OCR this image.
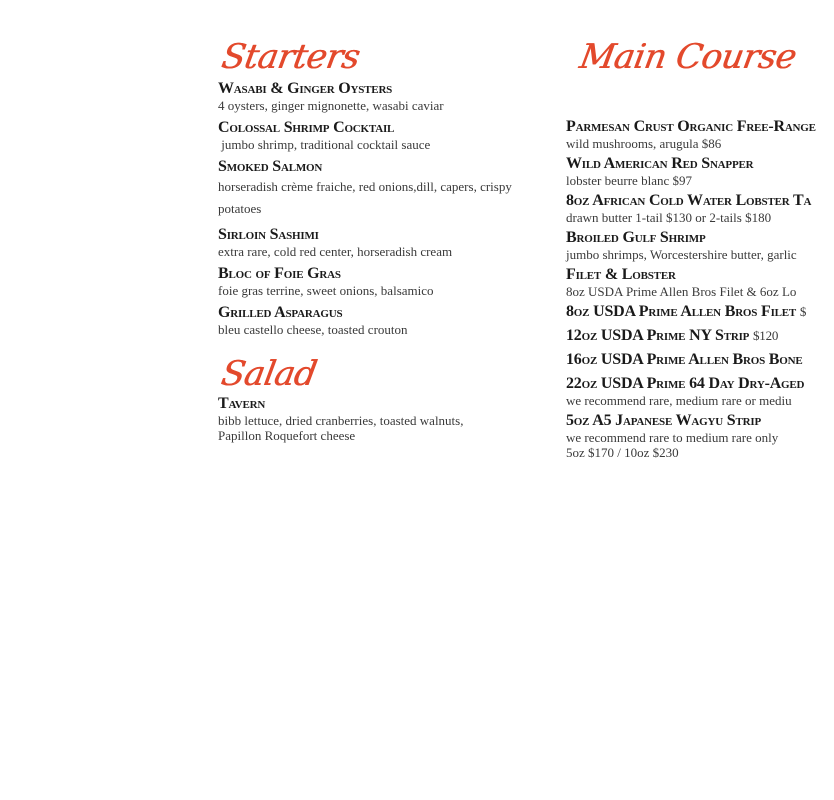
Starters
Wasabi & Ginger Oysters
4 oysters, ginger mignonette, wasabi caviar
Colossal Shrimp Cocktail
jumbo shrimp, traditional cocktail sauce
Smoked Salmon
horseradish crème fraiche, red onions,dill, capers, crispy potatoes
Sirloin Sashimi
extra rare, cold red center, horseradish cream
Bloc of Foie Gras
foie gras terrine, sweet onions, balsamico
Grilled Asparagus
bleu castello cheese, toasted crouton
Salad
Tavern
bibb lettuce, dried cranberries, toasted walnuts,
Papillon Roquefort cheese
Main Course
Parmesan Crust Organic Free-Range
wild mushrooms, arugula $86
Wild American Red Snapper
lobster beurre blanc $97
8oz African Cold Water Lobster Ta
drawn butter 1-tail $130 or 2-tails $180
Broiled Gulf Shrimp
jumbo shrimps, Worcestershire butter, garlic
Filet & Lobster
8oz USDA Prime Allen Bros Filet & 6oz Lo
8oz USDA Prime Allen Bros Filet $
12oz USDA Prime NY Strip $120
16oz USDA Prime Allen Bros Bone
22oz USDA Prime 64 Day Dry-Aged
we recommend rare, medium rare or mediu
5oz A5 Japanese Wagyu Strip
we recommend rare to medium rare only
5oz $170 / 10oz $230
